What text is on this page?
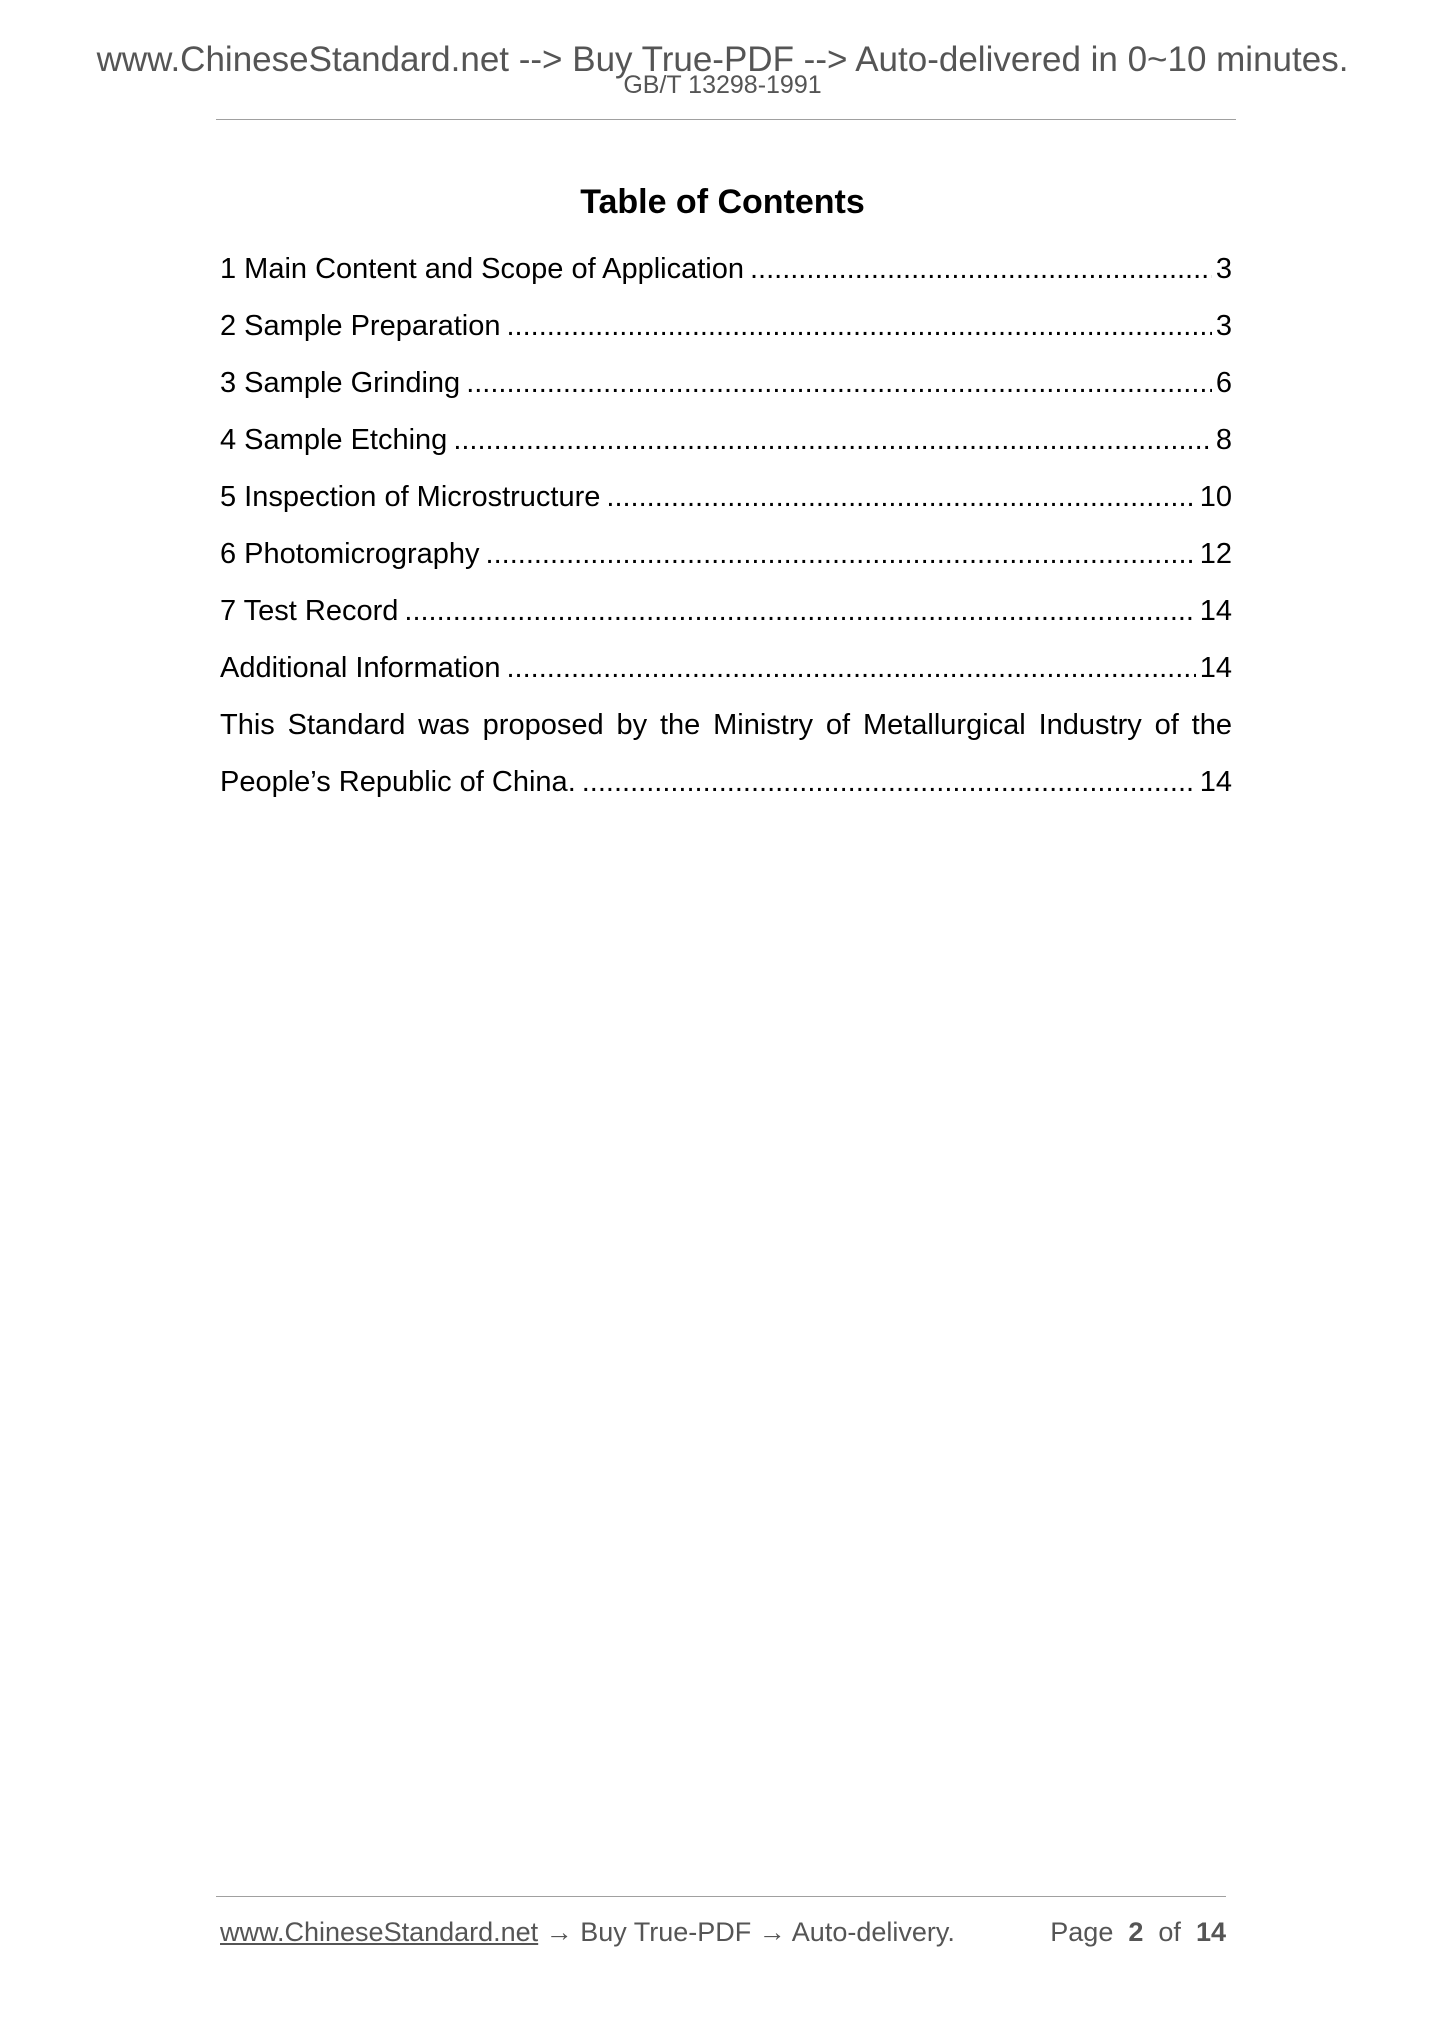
www.ChineseStandard.net --> Buy True-PDF --> Auto-delivered in 0~10 minutes.
GB/T 13298-1991
Table of Contents
1 Main Content and Scope of Application .....	3
2 Sample Preparation .....	3
3 Sample Grinding .....	6
4 Sample Etching .....	8
5 Inspection of Microstructure .....	10
6 Photomicrography .....	12
7 Test Record .....	14
Additional Information .....	14
This Standard was proposed by the Ministry of Metallurgical Industry of the
People’s Republic of China. .....	14
www.ChineseStandard.net → Buy True-PDF → Auto-delivery.	Page 2 of 14
